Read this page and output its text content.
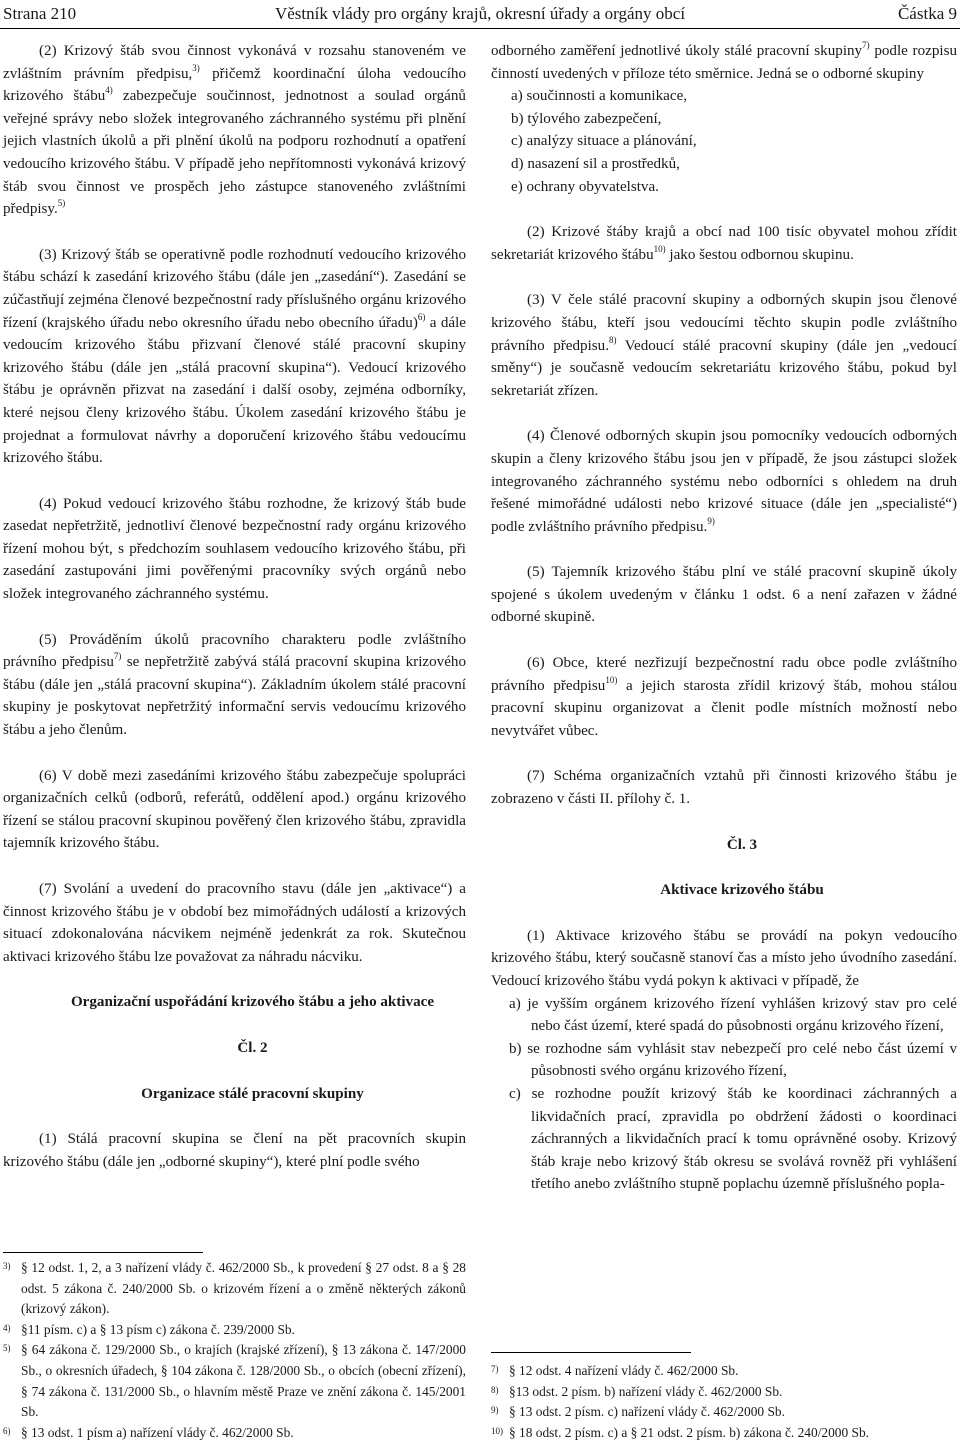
Strana 210	Věstník vlády pro orgány krajů, okresní úřady a orgány obcí	Částka 9

(2) Krizový štáb svou činnost vykonává v rozsahu stanoveném ve zvláštním právním předpisu,$^{3)}$ přičemž koordinační úloha vedoucího krizového štábu$^{4)}$ zabezpečuje součinnost, jednotnost a soulad orgánů veřejné správy nebo složek integrovaného záchranného systému při plnění jejich vlastních úkolů a při plnění úkolů na podporu rozhodnutí a opatření vedoucího krizového štábu. V případě jeho nepřítomnosti vykonává krizový štáb svou činnost ve prospěch jeho zástupce stanoveného zvláštními předpisy.$^{5)}$

(3) Krizový štáb se operativně podle rozhodnutí vedoucího krizového štábu schází k zasedání krizového štábu (dále jen „zasedání“). Zasedání se zúčastňují zejména členové bezpečnostní rady příslušného orgánu krizového řízení (krajského úřadu nebo okresního úřadu nebo obecního úřadu)$^{6)}$ a dále vedoucím krizového štábu přizvaní členové stálé pracovní skupiny krizového štábu (dále jen „stálá pracovní skupina“). Vedoucí krizového štábu je oprávněn přizvat na zasedání i další osoby, zejména odborníky, které nejsou členy krizového štábu. Úkolem zasedání krizového štábu je projednat a formulovat návrhy a doporučení krizového štábu vedoucímu krizového štábu.

(4) Pokud vedoucí krizového štábu rozhodne, že krizový štáb bude zasedat nepřetržitě, jednotliví členové bezpečnostní rady orgánu krizového řízení mohou být, s předchozím souhlasem vedoucího krizového štábu, při zasedání zastupováni jimi pověřenými pracovníky svých orgánů nebo složek integrovaného záchranného systému.

(5) Prováděním úkolů pracovního charakteru podle zvláštního právního předpisu$^{7)}$ se nepřetržitě zabývá stálá pracovní skupina krizového štábu (dále jen „stálá pracovní skupina“). Základním úkolem stálé pracovní skupiny je poskytovat nepřetržitý informační servis vedoucímu krizového štábu a jeho členům.

(6) V době mezi zasedáními krizového štábu zabezpečuje spolupráci organizačních celků (odborů, referátů, oddělení apod.) orgánu krizového řízení se stálou pracovní skupinou pověřený člen krizového štábu, zpravidla tajemník krizového štábu.

(7) Svolání a uvedení do pracovního stavu (dále jen „aktivace“) a činnost krizového štábu je v období bez mimořádných událostí a krizových situací zdokonalována nácvikem nejméně jedenkrát za rok. Skutečnou aktivaci krizového štábu lze považovat za náhradu nácviku.

Organizační uspořádání krizového štábu a jeho aktivace

Čl. 2

Organizace stálé pracovní skupiny

(1) Stálá pracovní skupina se člení na pět pracovních skupin krizového štábu (dále jen „odborné skupiny“), které plní podle svého

odborného zaměření jednotlivé úkoly stálé pracovní skupiny$^{7)}$ podle rozpisu činností uvedených v příloze této směrnice. Jedná se o odborné skupiny

a) součinnosti a komunikace,
b) týlového zabezpečení,
c) analýzy situace a plánování,
d) nasazení sil a prostředků,
e) ochrany obyvatelstva.

(2) Krizové štáby krajů a obcí nad 100 tisíc obyvatel mohou zřídit sekretariát krizového štábu$^{10)}$ jako šestou odbornou skupinu.

(3) V čele stálé pracovní skupiny a odborných skupin jsou členové krizového štábu, kteří jsou vedoucími těchto skupin podle zvláštního právního předpisu.$^{8)}$ Vedoucí stálé pracovní skupiny (dále jen „vedoucí směny“) je současně vedoucím sekretariátu krizového štábu, pokud byl sekretariát zřízen.

(4) Členové odborných skupin jsou pomocníky vedoucích odborných skupin a členy krizového štábu jsou jen v případě, že jsou zástupci složek integrovaného záchranného systému nebo odborníci s ohledem na druh řešené mimořádné události nebo krizové situace (dále jen „specialisté“) podle zvláštního právního předpisu.$^{9)}$

(5) Tajemník krizového štábu plní ve stálé pracovní skupině úkoly spojené s úkolem uvedeným v článku 1 odst. 6 a není zařazen v žádné odborné skupině.

(6) Obce, které nezřizují bezpečnostní radu obce podle zvláštního právního předpisu$^{10)}$ a jejich starosta zřídil krizový štáb, mohou stálou pracovní skupinu organizovat a členit podle místních možností nebo nevytvářet vůbec.

(7) Schéma organizačních vztahů při činnosti krizového štábu je zobrazeno v části II. přílohy č. 1.

Čl. 3

Aktivace krizového štábu

(1) Aktivace krizového štábu se provádí na pokyn vedoucího krizového štábu, který současně stanoví čas a místo jeho úvodního zasedání. Vedoucí krizového štábu vydá pokyn k aktivaci v případě, že

a) je vyšším orgánem krizového řízení vyhlášen krizový stav pro celé nebo část území, které spadá do působnosti orgánu krizového řízení,
b) se rozhodne sám vyhlásit stav nebezpečí pro celé nebo část území v působnosti svého orgánu krizového řízení,
c) se rozhodne použít krizový štáb ke koordinaci záchranných a likvidačních prací, zpravidla po obdržení žádosti o koordinaci záchranných a likvidačních prací k tomu oprávněné osoby. Krizový štáb kraje nebo krizový štáb okresu se svolává rovněž při vyhlášení třetího anebo zvláštního stupně poplachu územně příslušného popla-
3) § 12 odst. 1, 2, a 3 nařízení vlády č. 462/2000 Sb., k provedení § 27 odst. 8 a § 28 odst. 5 zákona č. 240/2000 Sb. o krizovém řízení a o změně některých zákonů (krizový zákon).
4) §11 písm. c) a § 13 písm c) zákona č. 239/2000 Sb.
5) § 64 zákona č. 129/2000 Sb., o krajích (krajské zřízení), § 13 zákona č. 147/2000 Sb., o okresních úřadech, § 104 zákona č. 128/2000 Sb., o obcích (obecní zřízení), § 74 zákona č. 131/2000 Sb., o hlavním městě Praze ve znění zákona č. 145/2001 Sb.
6) § 13 odst. 1 písm a) nařízení vlády č. 462/2000 Sb.
7) § 12 odst. 4 nařízení vlády č. 462/2000 Sb.
8) §13 odst. 2 písm. b) nařízení vlády č. 462/2000 Sb.
9) § 13 odst. 2 písm. c) nařízení vlády č. 462/2000 Sb.
10) § 18 odst. 2 písm. c) a § 21 odst. 2 písm. b) zákona č. 240/2000 Sb.
